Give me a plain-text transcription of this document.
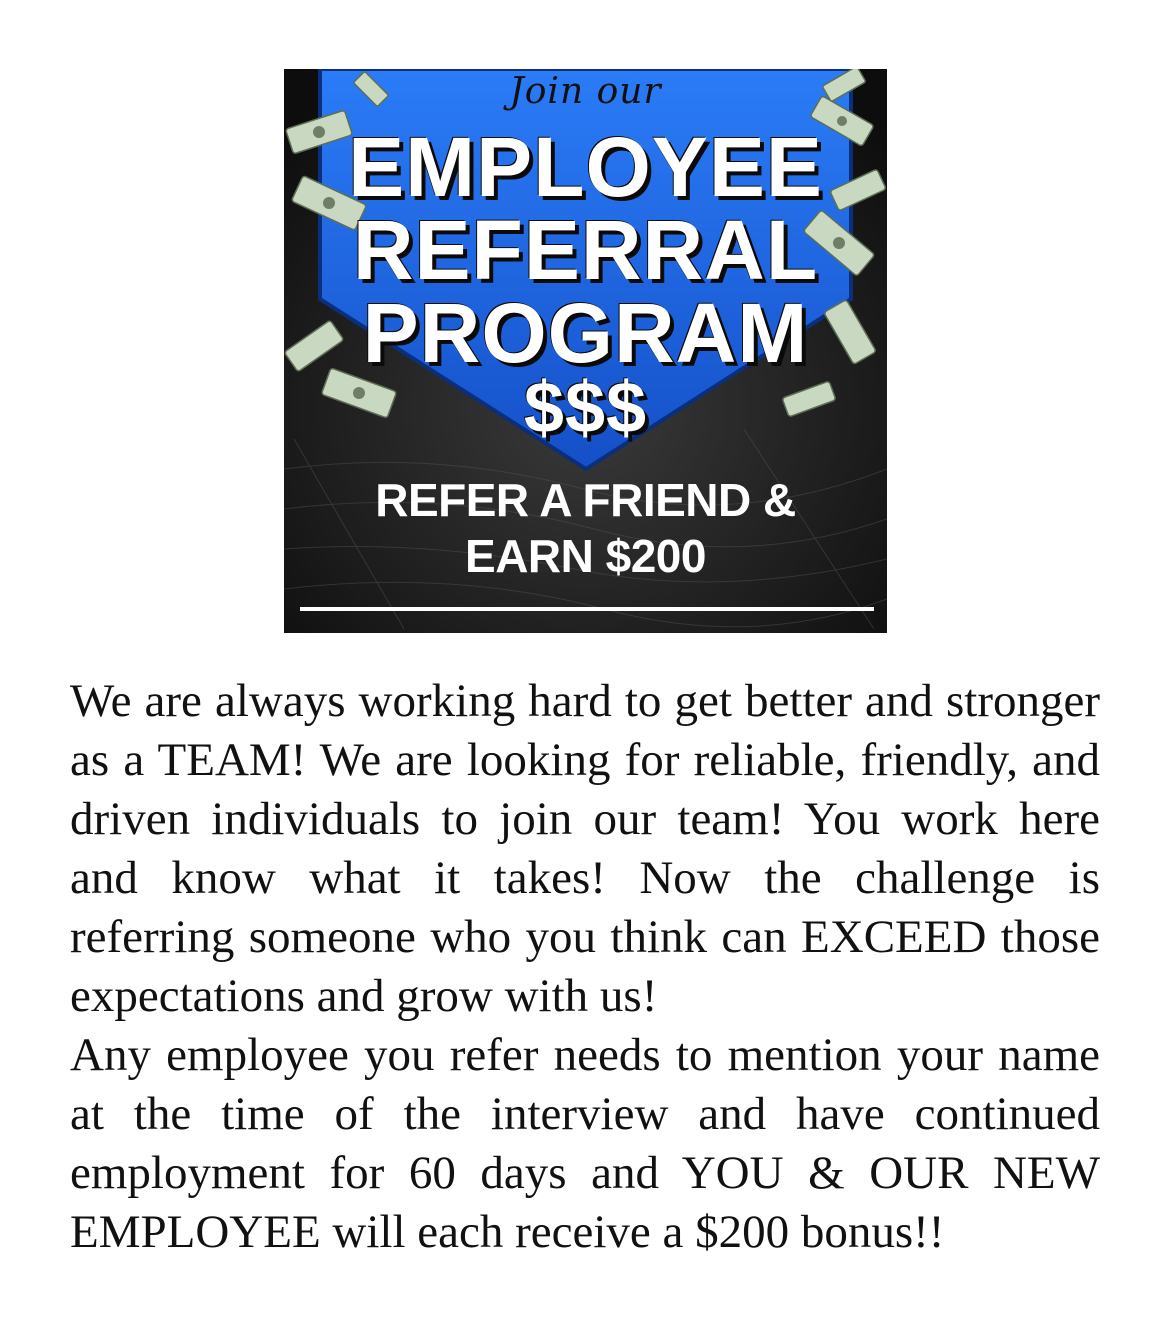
Join our
EMPLOYEE
REFERRAL
PROGRAM
$$$
REFER A FRIEND &
EARN $200

We are always working hard to get better and stronger as a TEAM! We are looking for reliable, friendly, and driven individuals to join our team! You work here and know what it takes! Now the challenge is referring someone who you think can EXCEED those expectations and grow with us!

Any employee you refer needs to mention your name at the time of the interview and have continued employment for 60 days and YOU & OUR NEW EMPLOYEE will each receive a $200 bonus!!
